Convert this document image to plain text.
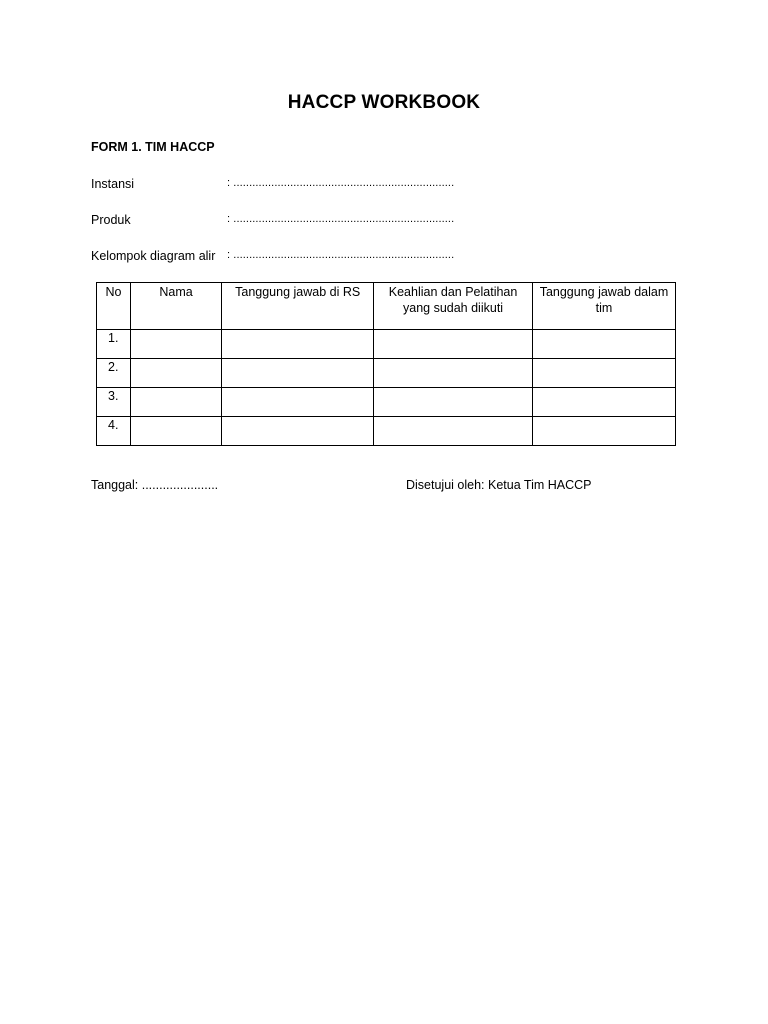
HACCP WORKBOOK
FORM 1. TIM HACCP
Instansi	: ......................................................................
Produk	: ......................................................................
Kelompok diagram alir : ......................................................................
No	Nama	Tanggung jawab di RS	Keahlian dan Pelatihan yang sudah diikuti	Tanggung jawab dalam tim
1.				
2.				
3.				
4.				
Tanggal: ......................	Disetujui oleh: Ketua Tim HACCP
